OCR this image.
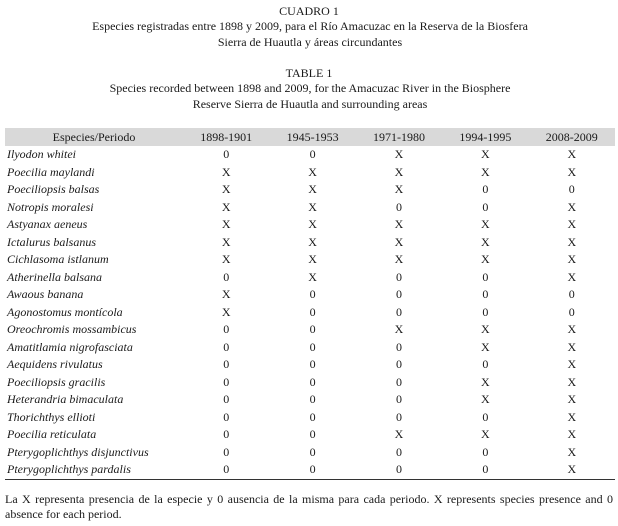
CUADRO 1
Especies registradas entre 1898 y 2009, para el Río Amacuzac en la Reserva de la Biosfera Sierra de Huautla y áreas circundantes
TABLE 1
Species recorded between 1898 and 2009, for the Amacuzac River in the Biosphere Reserve Sierra de Huautla and surrounding areas
Especies/Periodo	1898-1901	1945-1953	1971-1980	1994-1995	2008-2009
Ilyodon whitei	0	0	X	X	X
Poecilia maylandi	X	X	X	X	X
Poeciliopsis balsas	X	X	X	0	0
Notropis moralesi	X	X	0	0	X
Astyanax aeneus	X	X	X	X	X
Ictalurus balsanus	X	X	X	X	X
Cichlasoma istlanum	X	X	X	X	X
Atherinella balsana	0	X	0	0	X
Awaous banana	X	0	0	0	0
Agonostomus montícola	X	0	0	0	0
Oreochromis mossambicus	0	0	X	X	X
Amatitlamia nigrofasciata	0	0	0	X	X
Aequidens rivulatus	0	0	0	0	X
Poeciliopsis gracilis	0	0	0	X	X
Heterandria bimaculata	0	0	0	X	X
Thorichthys ellioti	0	0	0	0	X
Poecilia reticulata	0	0	X	X	X
Pterygoplichthys disjunctivus	0	0	0	0	X
Pterygoplichthys pardalis	0	0	0	0	X
La X representa presencia de la especie y 0 ausencia de la misma para cada periodo. X represents species presence and 0 absence for each period.
